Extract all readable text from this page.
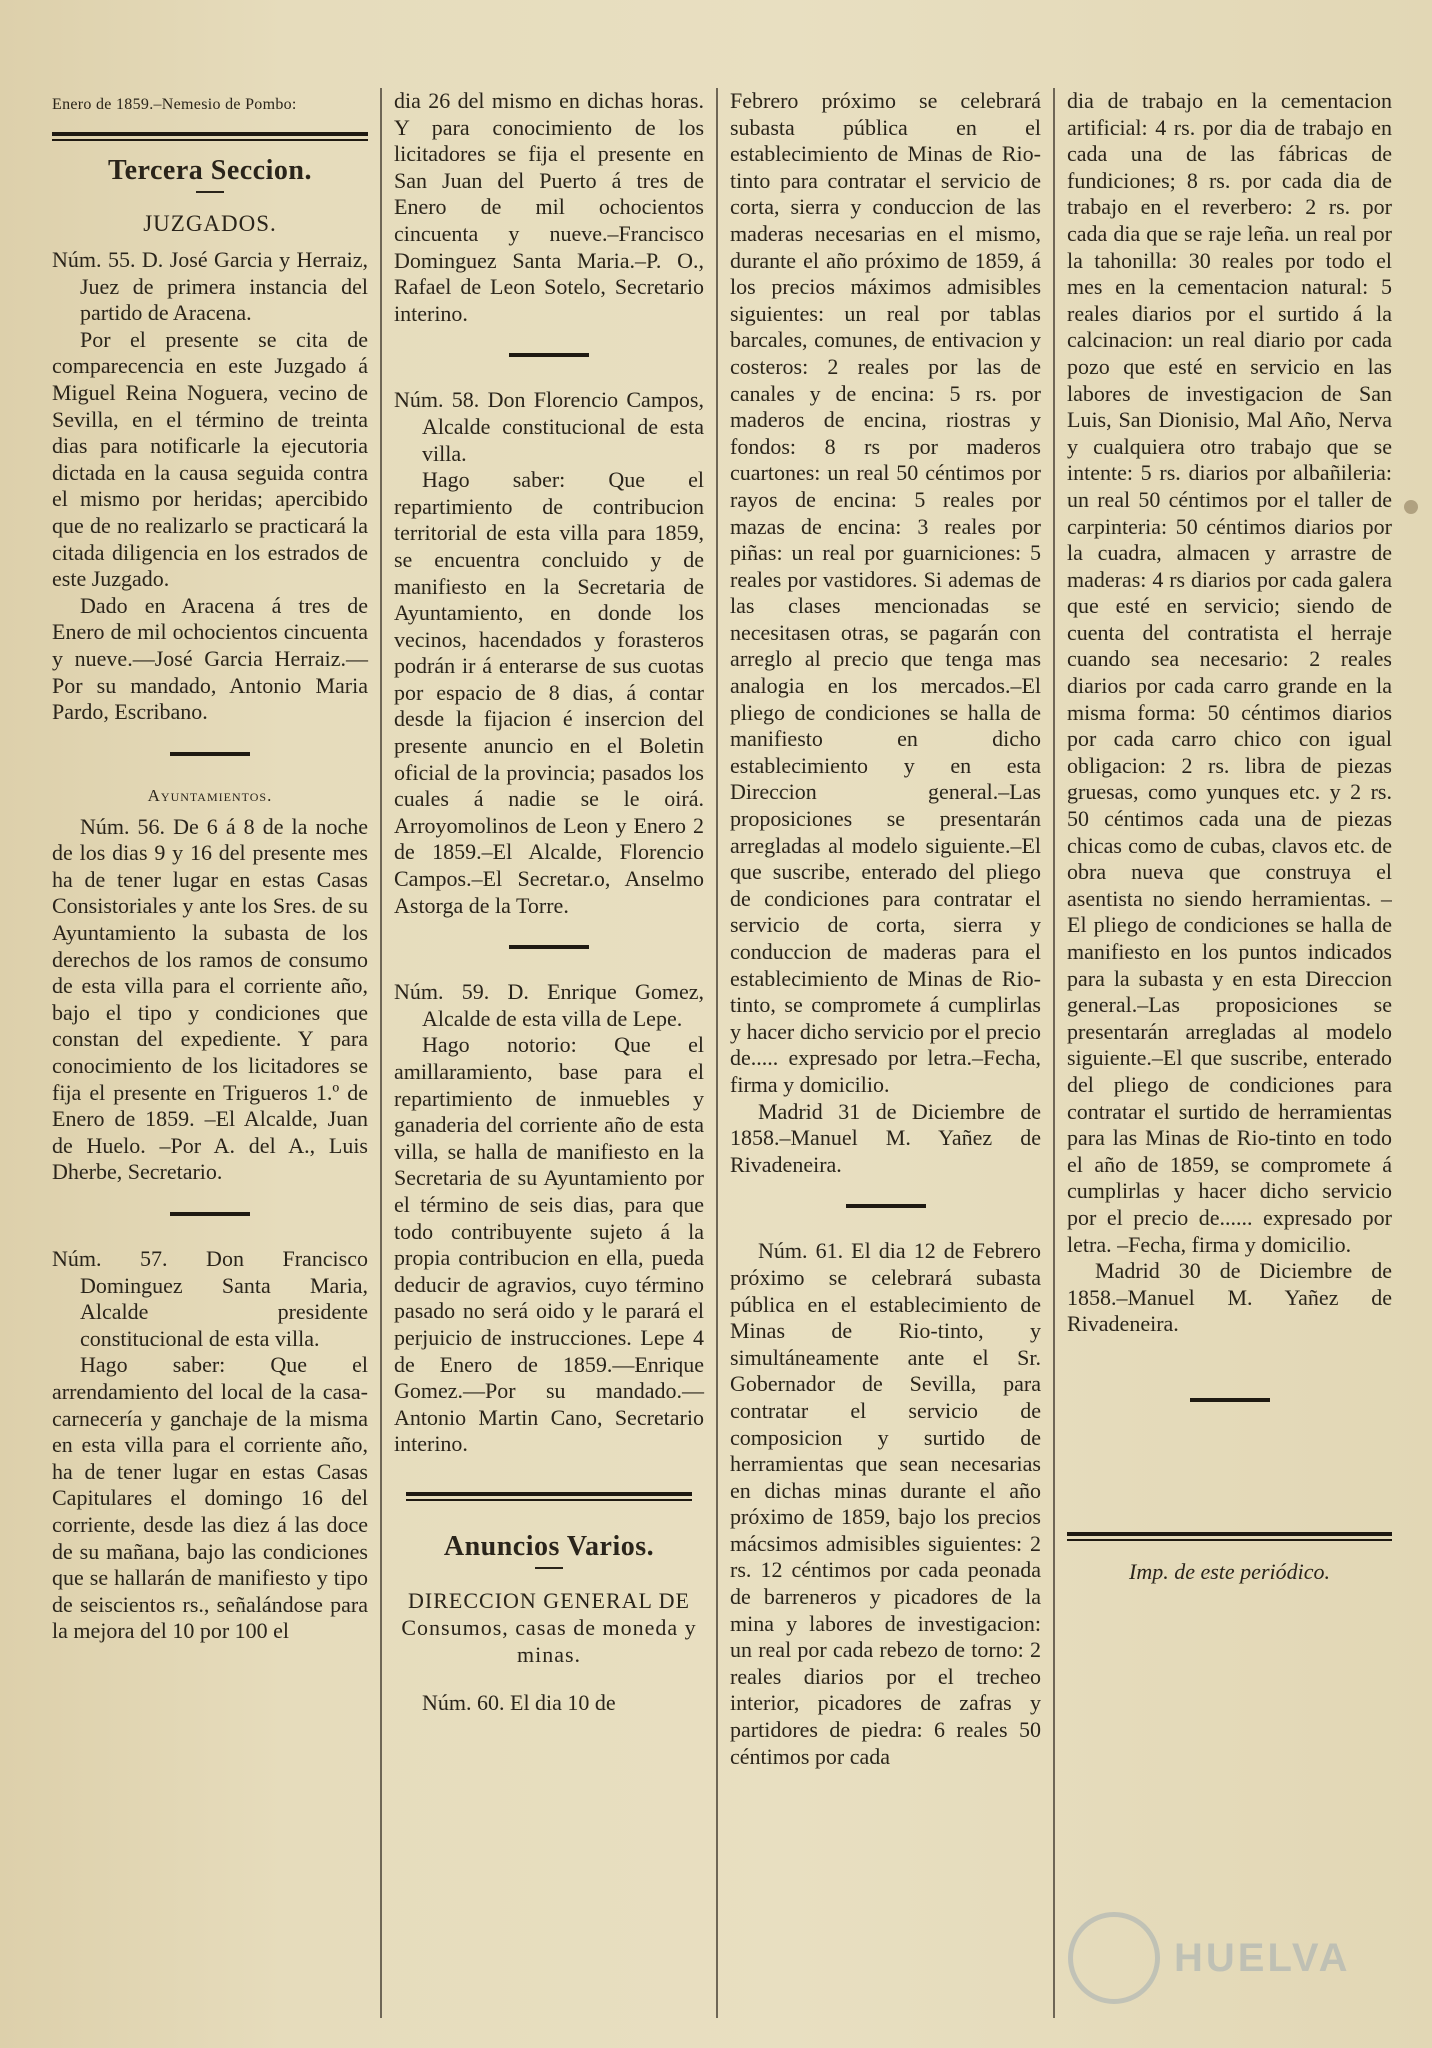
Enero de 1859.–Nemesio de Pombo:
Tercera Seccion.
JUZGADOS.

Núm. 55. D. José Garcia y Herraiz, Juez de primera instancia del partido de Aracena.

Por el presente se cita de comparecencia en este Juzgado á Miguel Reina Noguera, vecino de Sevilla, en el término de treinta dias para notificarle la ejecutoria dictada en la causa seguida contra el mismo por heridas; apercibido que de no realizarlo se practicará la citada diligencia en los estrados de este Juzgado.

Dado en Aracena á tres de Enero de mil ochocientos cincuenta y nueve.—José Garcia Herraiz.—Por su mandado, Antonio Maria Pardo, Escribano.

Ayuntamientos.

Núm. 56. De 6 á 8 de la noche de los dias 9 y 16 del presente mes ha de tener lugar en estas Casas Consistoriales y ante los Sres. de su Ayuntamiento la subasta de los derechos de los ramos de consumo de esta villa para el corriente año, bajo el tipo y condiciones que constan del expediente. Y para conocimiento de los licitadores se fija el presente en Trigueros 1.º de Enero de 1859. –El Alcalde, Juan de Huelo. –Por A. del A., Luis Dherbe, Secretario.

Núm. 57. Don Francisco Dominguez Santa Maria, Alcalde presidente constitucional de esta villa.

Hago saber: Que el arrendamiento del local de la casa-carnecería y ganchaje de la misma en esta villa para el corriente año, ha de tener lugar en estas Casas Capitulares el domingo 16 del corriente, desde las diez á las doce de su mañana, bajo las condiciones que se hallarán de manifiesto y tipo de seiscientos rs., señalándose para la mejora del 10 por 100 el

dia 26 del mismo en dichas horas. Y para conocimiento de los licitadores se fija el presente en San Juan del Puerto á tres de Enero de mil ochocientos cincuenta y nueve.–Francisco Dominguez Santa Maria.–P. O., Rafael de Leon Sotelo, Secretario interino.

Núm. 58. Don Florencio Campos, Alcalde constitucional de esta villa.

Hago saber: Que el repartimiento de contribucion territorial de esta villa para 1859, se encuentra concluido y de manifiesto en la Secretaria de Ayuntamiento, en donde los vecinos, hacendados y forasteros podrán ir á enterarse de sus cuotas por espacio de 8 dias, á contar desde la fijacion é insercion del presente anuncio en el Boletin oficial de la provincia; pasados los cuales á nadie se le oirá. Arroyomolinos de Leon y Enero 2 de 1859.–El Alcalde, Florencio Campos.–El Secretar.o, Anselmo Astorga de la Torre.

Núm. 59. D. Enrique Gomez, Alcalde de esta villa de Lepe.

Hago notorio: Que el amillaramiento, base para el repartimiento de inmuebles y ganaderia del corriente año de esta villa, se halla de manifiesto en la Secretaria de su Ayuntamiento por el término de seis dias, para que todo contribuyente sujeto á la propia contribucion en ella, pueda deducir de agravios, cuyo término pasado no será oido y le parará el perjuicio de instrucciones. Lepe 4 de Enero de 1859.—Enrique Gomez.—Por su mandado.—Antonio Martin Cano, Secretario interino.

Anuncios Varios.
DIRECCION GENERAL DE Consumos, casas de moneda y minas.

Núm. 60. El dia 10 de

Febrero próximo se celebrará subasta pública en el establecimiento de Minas de Rio-tinto para contratar el servicio de corta, sierra y conduccion de las maderas necesarias en el mismo, durante el año próximo de 1859, á los precios máximos admisibles siguientes: un real por tablas barcales, comunes, de entivacion y costeros: 2 reales por las de canales y de encina: 5 rs. por maderos de encina, riostras y fondos: 8 rs por maderos cuartones: un real 50 céntimos por rayos de encina: 5 reales por mazas de encina: 3 reales por piñas: un real por guarniciones: 5 reales por vastidores. Si ademas de las clases mencionadas se necesitasen otras, se pagarán con arreglo al precio que tenga mas analogia en los mercados.–El pliego de condiciones se halla de manifiesto en dicho establecimiento y en esta Direccion general.–Las proposiciones se presentarán arregladas al modelo siguiente.–El que suscribe, enterado del pliego de condiciones para contratar el servicio de corta, sierra y conduccion de maderas para el establecimiento de Minas de Rio-tinto, se compromete á cumplirlas y hacer dicho servicio por el precio de..... expresado por letra.–Fecha, firma y domicilio.

Madrid 31 de Diciembre de 1858.–Manuel M. Yañez de Rivadeneira.

Núm. 61. El dia 12 de Febrero próximo se celebrará subasta pública en el establecimiento de Minas de Rio-tinto, y simultáneamente ante el Sr. Gobernador de Sevilla, para contratar el servicio de composicion y surtido de herramientas que sean necesarias en dichas minas durante el año próximo de 1859, bajo los precios mácsimos admisibles siguientes: 2 rs. 12 céntimos por cada peonada de barreneros y picadores de la mina y labores de investigacion: un real por cada rebezo de torno: 2 reales diarios por el trecheo interior, picadores de zafras y partidores de piedra: 6 reales 50 céntimos por cada

dia de trabajo en la cementacion artificial: 4 rs. por dia de trabajo en cada una de las fábricas de fundiciones; 8 rs. por cada dia de trabajo en el reverbero: 2 rs. por cada dia que se raje leña. un real por la tahonilla: 30 reales por todo el mes en la cementacion natural: 5 reales diarios por el surtido á la calcinacion: un real diario por cada pozo que esté en servicio en las labores de investigacion de San Luis, San Dionisio, Mal Año, Nerva y cualquiera otro trabajo que se intente: 5 rs. diarios por albañileria: un real 50 céntimos por el taller de carpinteria: 50 céntimos diarios por la cuadra, almacen y arrastre de maderas: 4 rs diarios por cada galera que esté en servicio; siendo de cuenta del contratista el herraje cuando sea necesario: 2 reales diarios por cada carro grande en la misma forma: 50 céntimos diarios por cada carro chico con igual obligacion: 2 rs. libra de piezas gruesas, como yunques etc. y 2 rs. 50 céntimos cada una de piezas chicas como de cubas, clavos etc. de obra nueva que construya el asentista no siendo herramientas. –El pliego de condiciones se halla de manifiesto en los puntos indicados para la subasta y en esta Direccion general.–Las proposiciones se presentarán arregladas al modelo siguiente.–El que suscribe, enterado del pliego de condiciones para contratar el surtido de herramientas para las Minas de Rio-tinto en todo el año de 1859, se compromete á cumplirlas y hacer dicho servicio por el precio de...... expresado por letra. –Fecha, firma y domicilio.

Madrid 30 de Diciembre de 1858.–Manuel M. Yañez de Rivadeneira.

Imp. de este periódico.
HUELVA
